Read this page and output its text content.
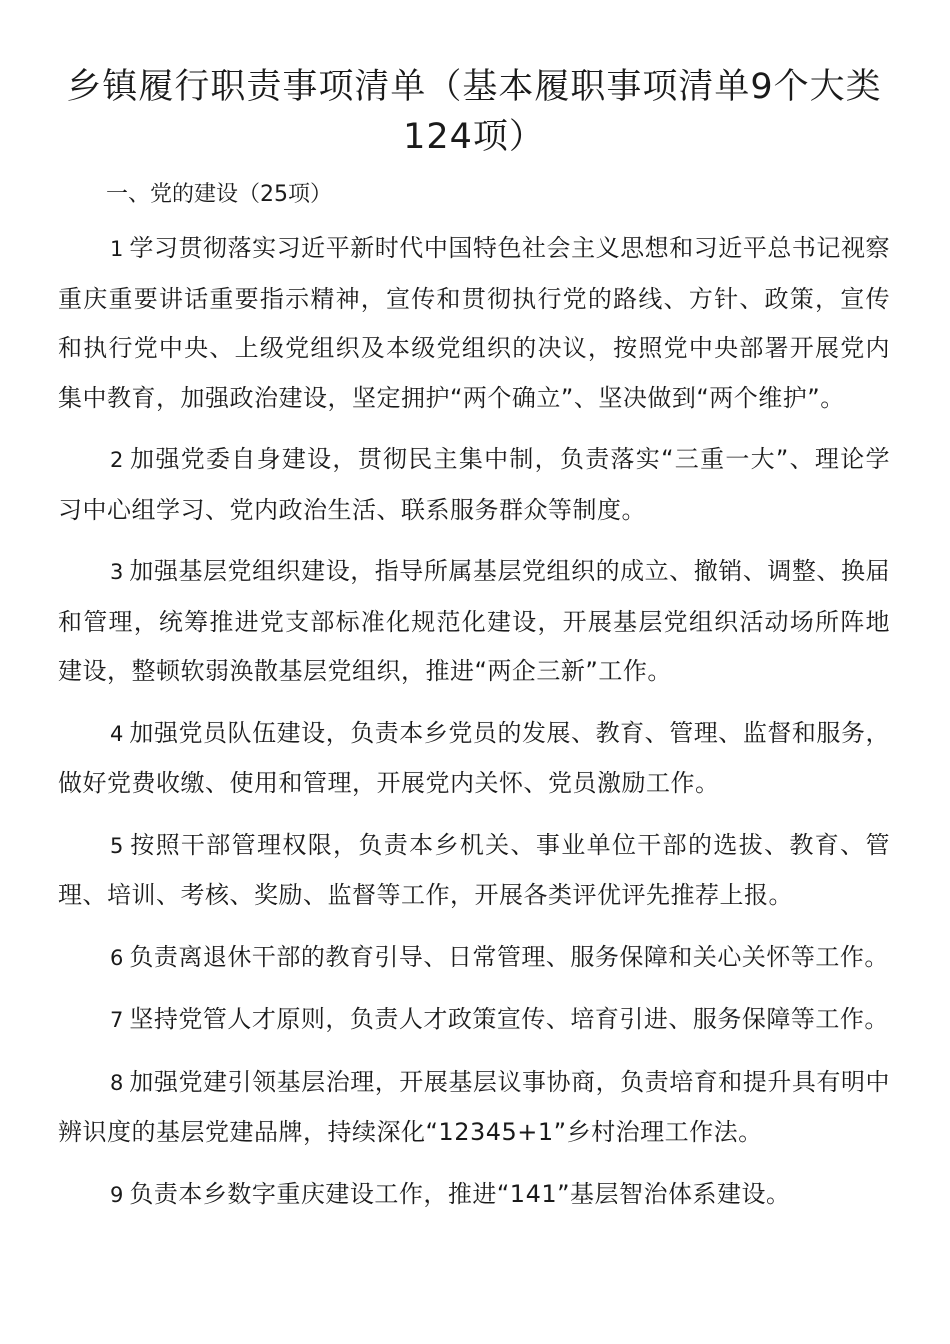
乡镇履行职责事项清单（基本履职事项清单9个大类124项）

一、党的建设（25项）

1 学习贯彻落实习近平新时代中国特色社会主义思想和习近平总书记视察重庆重要讲话重要指示精神，宣传和贯彻执行党的路线、方针、政策，宣传和执行党中央、上级党组织及本级党组织的决议，按照党中央部署开展党内集中教育，加强政治建设，坚定拥护“两个确立”、坚决做到“两个维护”。

2 加强党委自身建设，贯彻民主集中制，负责落实“三重一大”、理论学习中心组学习、党内政治生活、联系服务群众等制度。

3 加强基层党组织建设，指导所属基层党组织的成立、撤销、调整、换届和管理，统筹推进党支部标准化规范化建设，开展基层党组织活动场所阵地建设，整顿软弱涣散基层党组织，推进“两企三新”工作。

4 加强党员队伍建设，负责本乡党员的发展、教育、管理、监督和服务，做好党费收缴、使用和管理，开展党内关怀、党员激励工作。

5 按照干部管理权限，负责本乡机关、事业单位干部的选拔、教育、管理、培训、考核、奖励、监督等工作，开展各类评优评先推荐上报。

6 负责离退休干部的教育引导、日常管理、服务保障和关心关怀等工作。

7 坚持党管人才原则，负责人才政策宣传、培育引进、服务保障等工作。

8 加强党建引领基层治理，开展基层议事协商，负责培育和提升具有明中辨识度的基层党建品牌，持续深化“12345+1”乡村治理工作法。

9 负责本乡数字重庆建设工作，推进“141”基层智治体系建设。
